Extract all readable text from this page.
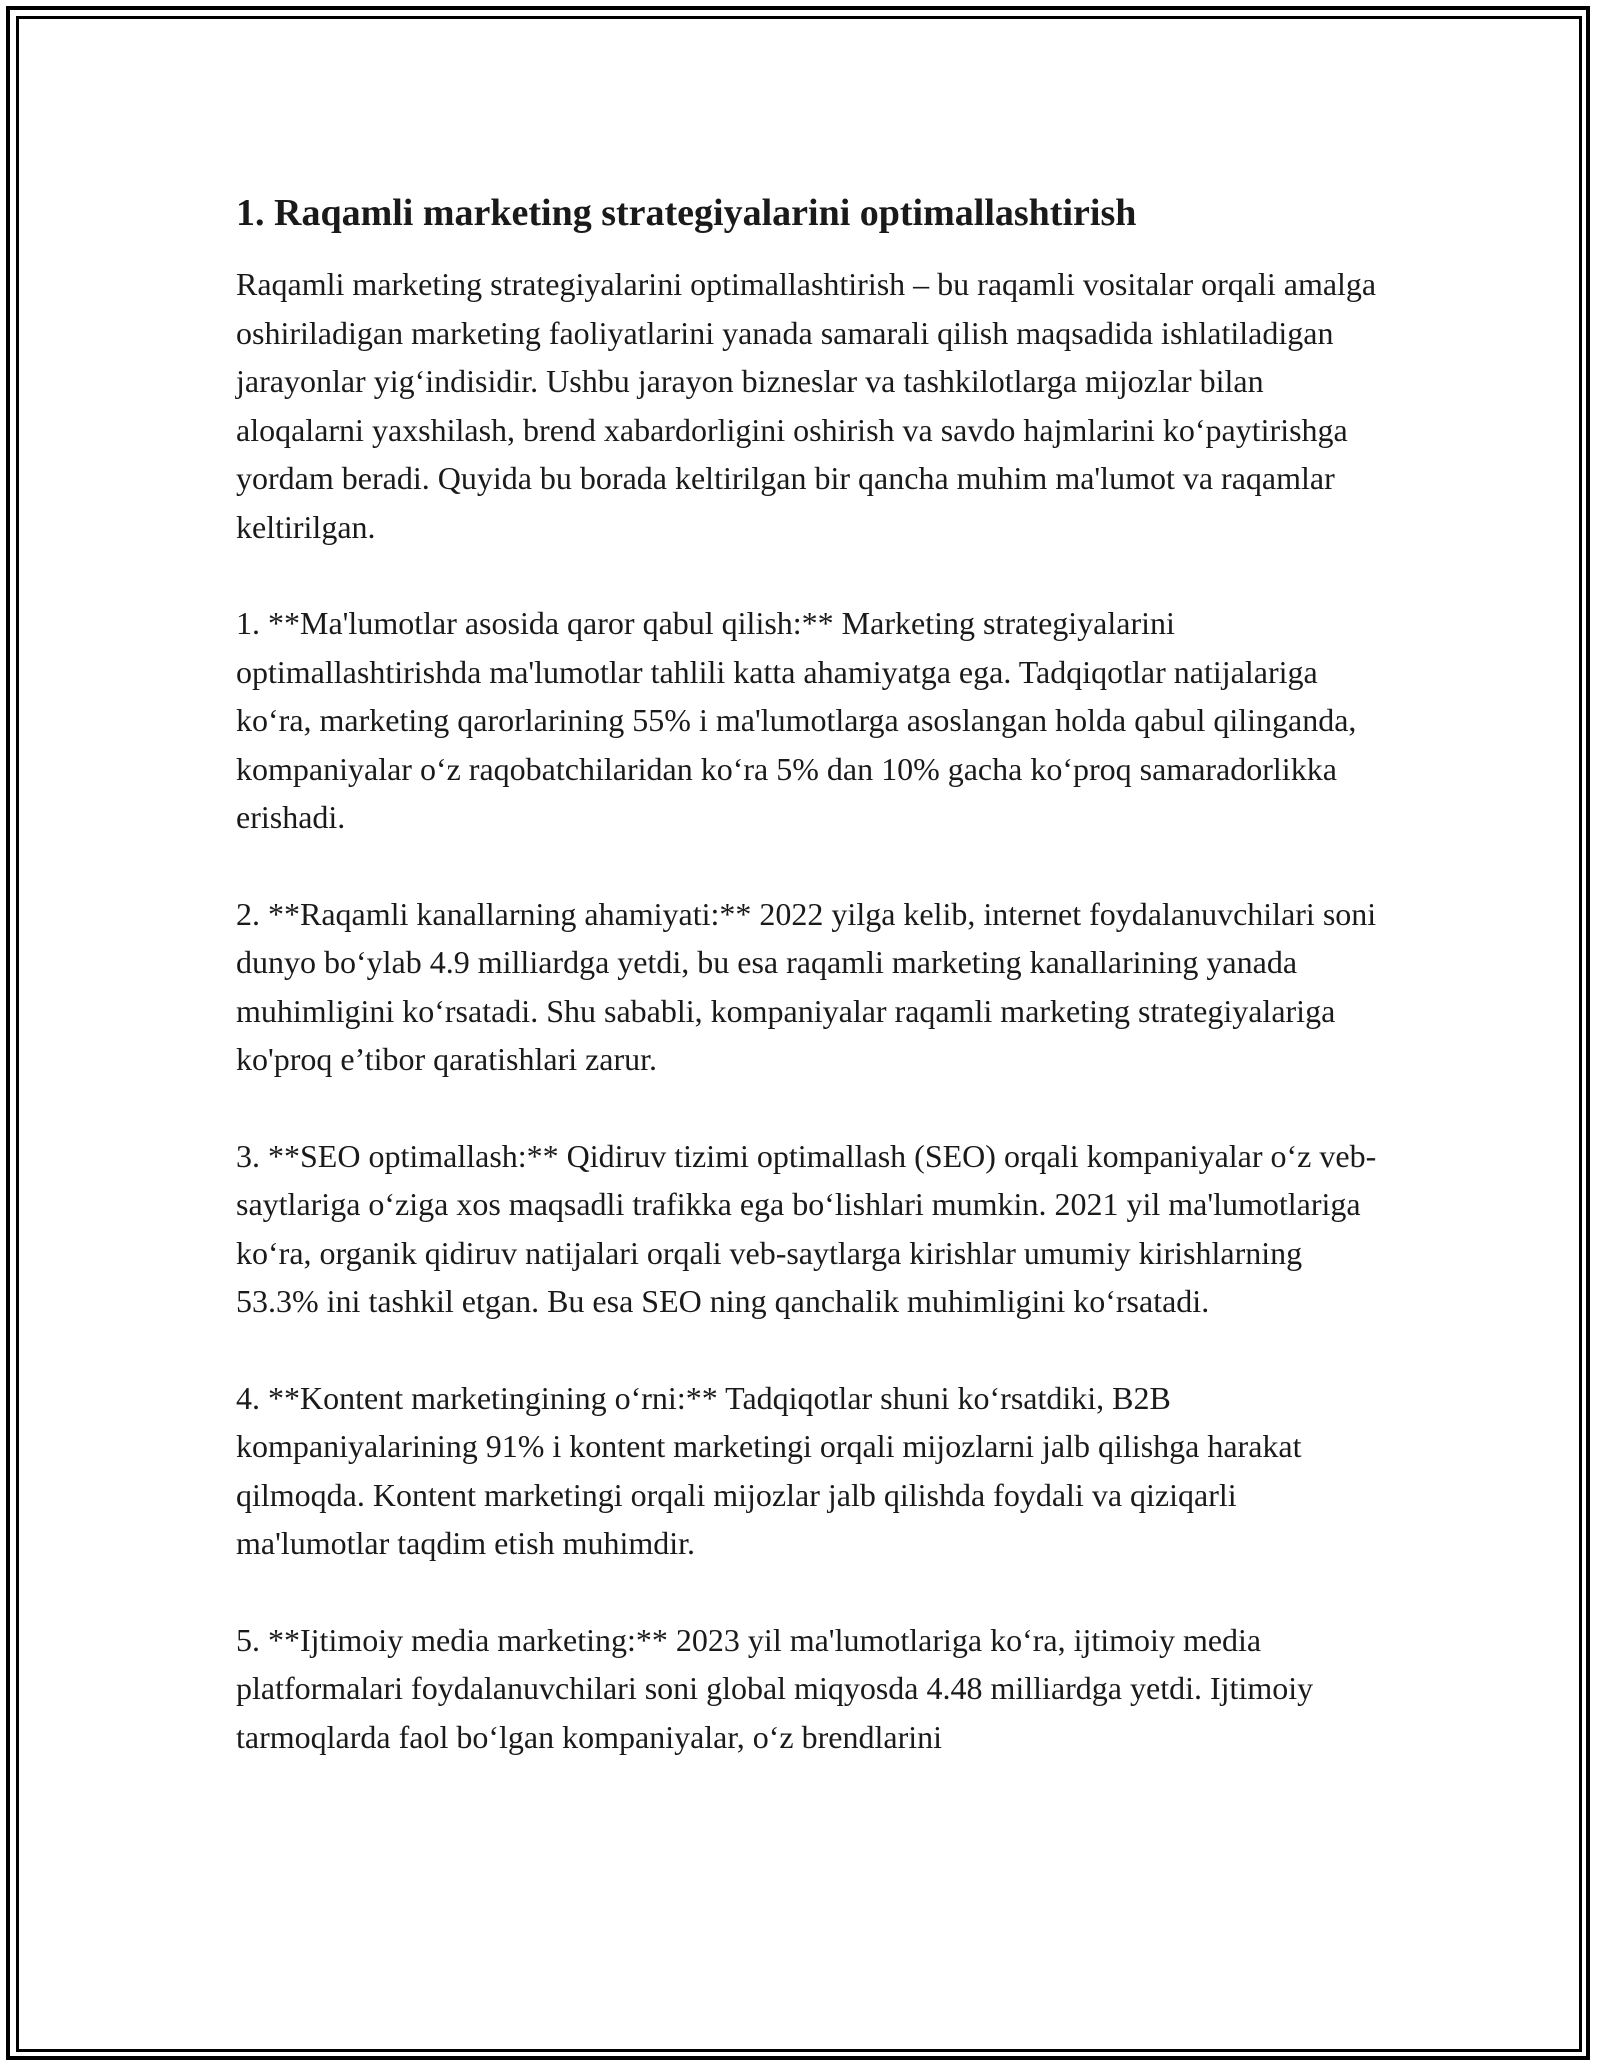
1. Raqamli marketing strategiyalarini optimallashtirish

Raqamli marketing strategiyalarini optimallashtirish – bu raqamli vositalar orqali amalga oshiriladigan marketing faoliyatlarini yanada samarali qilish maqsadida ishlatiladigan jarayonlar yig‘indisidir. Ushbu jarayon bizneslar va tashkilotlarga mijozlar bilan aloqalarni yaxshilash, brend xabardorligini oshirish va savdo hajmlarini ko‘paytirishga yordam beradi. Quyida bu borada keltirilgan bir qancha muhim ma'lumot va raqamlar keltirilgan.

1. **Ma'lumotlar asosida qaror qabul qilish:** Marketing strategiyalarini optimallashtirishda ma'lumotlar tahlili katta ahamiyatga ega. Tadqiqotlar natijalariga ko‘ra, marketing qarorlarining 55% i ma'lumotlarga asoslangan holda qabul qilinganda, kompaniyalar o‘z raqobatchilaridan ko‘ra 5% dan 10% gacha ko‘proq samaradorlikka erishadi.

2. **Raqamli kanallarning ahamiyati:** 2022 yilga kelib, internet foydalanuvchilari soni dunyo bo‘ylab 4.9 milliardga yetdi, bu esa raqamli marketing kanallarining yanada muhimligini ko‘rsatadi. Shu sababli, kompaniyalar raqamli marketing strategiyalariga ko'proq e’tibor qaratishlari zarur.

3. **SEO optimallash:** Qidiruv tizimi optimallash (SEO) orqali kompaniyalar o‘z veb-saytlariga o‘ziga xos maqsadli trafikka ega bo‘lishlari mumkin. 2021 yil ma'lumotlariga ko‘ra, organik qidiruv natijalari orqali veb-saytlarga kirishlar umumiy kirishlarning 53.3% ini tashkil etgan. Bu esa SEO ning qanchalik muhimligini ko‘rsatadi.

4. **Kontent marketingining o‘rni:** Tadqiqotlar shuni ko‘rsatdiki, B2B kompaniyalarining 91% i kontent marketingi orqali mijozlarni jalb qilishga harakat qilmoqda. Kontent marketingi orqali mijozlar jalb qilishda foydali va qiziqarli ma'lumotlar taqdim etish muhimdir.

5. **Ijtimoiy media marketing:** 2023 yil ma'lumotlariga ko‘ra, ijtimoiy media platformalari foydalanuvchilari soni global miqyosda 4.48 milliardga yetdi. Ijtimoiy tarmoqlarda faol bo‘lgan kompaniyalar, o‘z brendlarini
